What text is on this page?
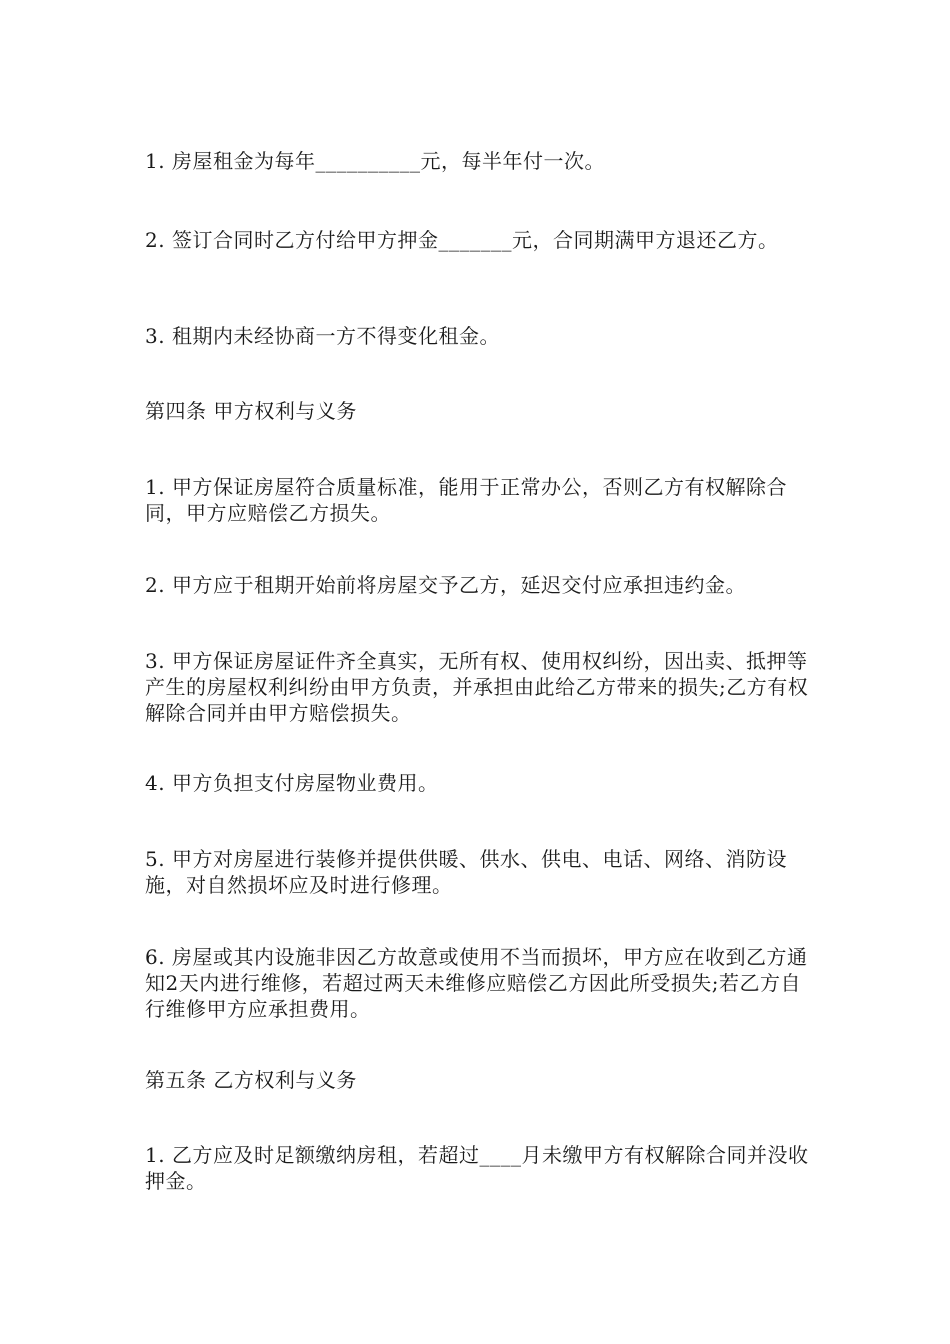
1. 房屋租金为每年__________元，每半年付一次。

2. 签订合同时乙方付给甲方押金_______元，合同期满甲方退还乙方。

3. 租期内未经协商一方不得变化租金。

第四条 甲方权利与义务

1. 甲方保证房屋符合质量标准，能用于正常办公，否则乙方有权解除合同，甲方应赔偿乙方损失。

2. 甲方应于租期开始前将房屋交予乙方，延迟交付应承担违约金。

3. 甲方保证房屋证件齐全真实，无所有权、使用权纠纷，因出卖、抵押等产生的房屋权利纠纷由甲方负责，并承担由此给乙方带来的损失;乙方有权解除合同并由甲方赔偿损失。

4. 甲方负担支付房屋物业费用。

5. 甲方对房屋进行装修并提供供暖、供水、供电、电话、网络、消防设施，对自然损坏应及时进行修理。

6. 房屋或其内设施非因乙方故意或使用不当而损坏，甲方应在收到乙方通知2天内进行维修，若超过两天未维修应赔偿乙方因此所受损失;若乙方自行维修甲方应承担费用。

第五条 乙方权利与义务

1. 乙方应及时足额缴纳房租，若超过____月未缴甲方有权解除合同并没收押金。
